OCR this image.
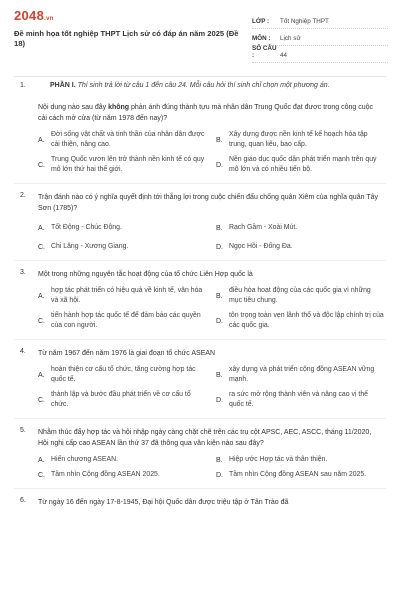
2048.vn
Đề minh họa tốt nghiệp THPT Lịch sử có đáp án năm 2025 (Đề 18)
LỚP :	Tốt Nghiệp THPT
MÔN :	Lịch sử
SỐ CÂU :	44
1.	PHẦN I. Thí sinh trả lời từ câu 1 đến câu 24. Mỗi câu hỏi thí sinh chỉ chọn một phương án.
Nội dung nào sau đây không phản ánh đúng thành tựu mà nhân dân Trung Quốc đạt được trong công cuộc cải cách mở cửa (từ năm 1978 đến nay)?
A.
Đời sống vật chất và tinh thần của nhân dân được cải thiện, nâng cao.
B.
Xây dựng được nền kinh tế kế hoạch hóa tập trung, quan liêu, bao cấp.
C.
Trung Quốc vươn lên trở thành nền kinh tế có quy mô lớn thứ hai thế giới.
D.
Nền giáo dục quốc dân phát triển mạnh trên quy mô lớn và có nhiều tiến bộ.
2. Trận đánh nào có ý nghĩa quyết định tới thắng lợi trong cuộc chiến đấu chống quân Xiêm của nghĩa quân Tây Sơn (1785)?
A. Tốt Động - Chúc Động.	B. Rạch Gầm - Xoài Mút.
C. Chi Lăng - Xương Giang.	D. Ngọc Hồi - Đống Đa.
3. Một trong những nguyên tắc hoạt động của tổ chức Liên Hợp quốc là
A.
hợp tác phát triển có hiệu quả về kinh tế, văn hóa và xã hội.
B.
điều hòa hoạt động của các quốc gia vì những mục tiêu chung.
C.
tiến hành hợp tác quốc tế để đảm bảo các quyền của con người.
D.
tôn trọng toàn vẹn lãnh thổ và độc lập chính trị của các quốc gia.
4. Từ năm 1967 đến năm 1976 là giai đoạn tổ chức ASEAN
A.
hoàn thiện cơ cấu tổ chức, tăng cường hợp tác quốc tế.
B.
xây dựng và phát triển cộng đồng ASEAN vững mạnh.
C.
thành lập và bước đầu phát triển về cơ cấu tổ chức.
D.
ra sức mở rộng thành viên và nâng cao vị thế quốc tế.
5. Nhằm thúc đẩy hợp tác và hội nhập ngày càng chặt chẽ trên các trụ cột APSC, AEC, ASCC, tháng 11/2020, Hội nghị cấp cao ASEAN lần thứ 37 đã thông qua văn kiện nào sau đây?
A. Hiến chương ASEAN.	B. Hiệp ước Hợp tác và thân thiện.
C. Tầm nhìn Cộng đồng ASEAN 2025.	D. Tầm nhìn Cộng đồng ASEAN sau năm 2025.
6. Từ ngày 16 đến ngày 17-8-1945, Đại hội Quốc dân được triệu tập ở Tân Trào đã
